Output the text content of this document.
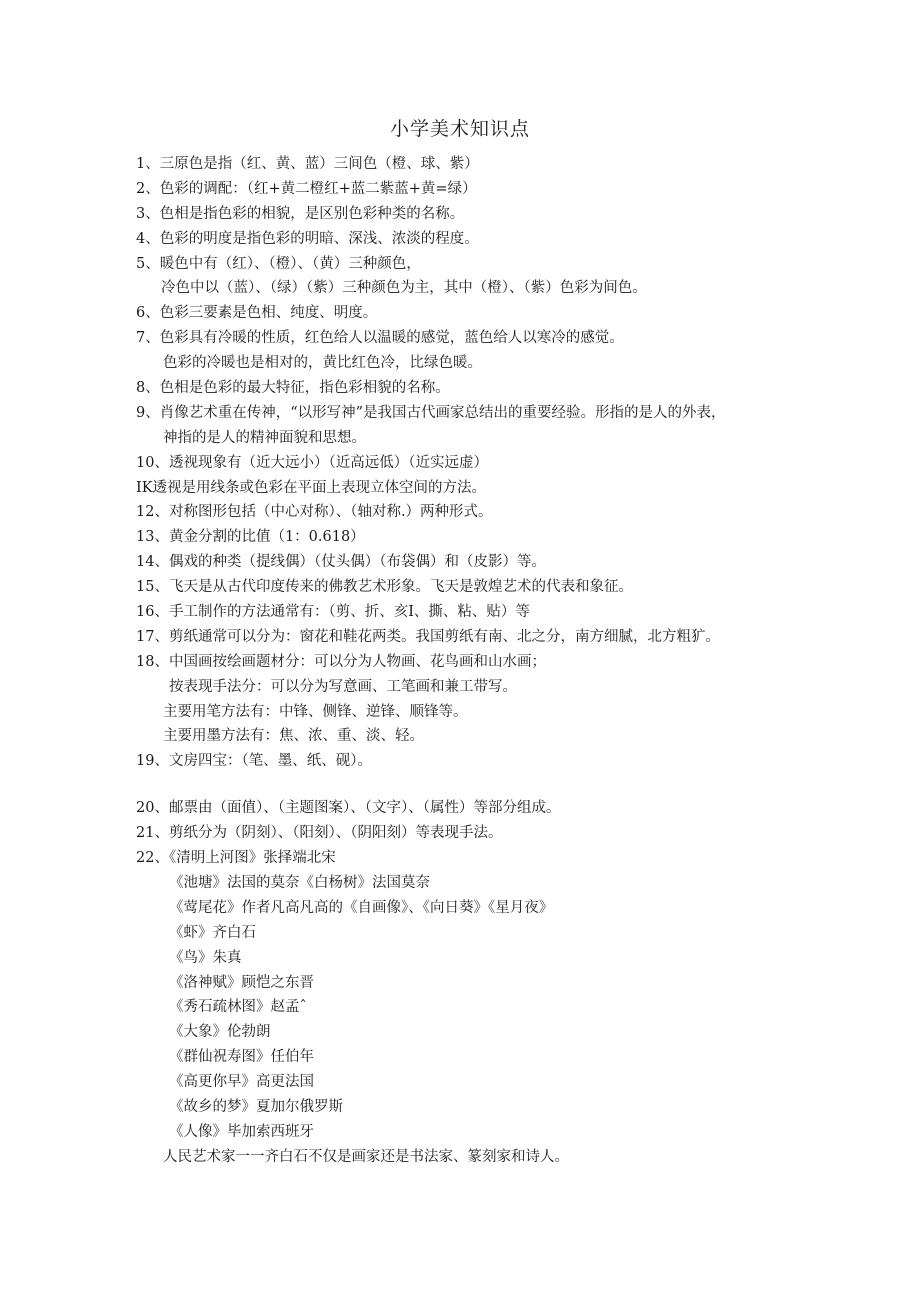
小学美术知识点
1、三原色是指（红、黄、蓝）三间色（橙、球、紫）
2、色彩的调配：（红+黄二橙红+蓝二紫蓝+黄=绿）
3、色相是指色彩的相貌，是区别色彩种类的名称。
4、色彩的明度是指色彩的明暗、深浅、浓淡的程度。
5、暖色中有（红）、（橙）、（黄）三种颜色，
冷色中以（蓝）、（绿）（紫）三种颜色为主，其中（橙）、（紫）色彩为间色。
6、色彩三要素是色相、纯度、明度。
7、色彩具有冷暖的性质，红色给人以温暖的感觉，蓝色给人以寒冷的感觉。
色彩的冷暖也是相对的，黄比红色冷，比绿色暖。
8、色相是色彩的最大特征，指色彩相貌的名称。
9、肖像艺术重在传神，“以形写神”是我国古代画家总结出的重要经验。形指的是人的外表，
神指的是人的精神面貌和思想。
10、透视现象有（近大远小）（近高远低）（近实远虚）
IK透视是用线条或色彩在平面上表现立体空间的方法。
12、对称图形包括（中心对称）、（轴对称.）两种形式。
13、黄金分割的比值（1：0.618）
14、偶戏的种类（提线偶）（仗头偶）（布袋偶）和（皮影）等。
15、飞天是从古代印度传来的佛教艺术形象。飞天是敦煌艺术的代表和象征。
16、手工制作的方法通常有：（剪、折、亥I、撕、粘、贴）等
17、剪纸通常可以分为：窗花和鞋花两类。我国剪纸有南、北之分，南方细腻，北方粗犷。
18、中国画按绘画题材分：可以分为人物画、花鸟画和山水画；
按表现手法分：可以分为写意画、工笔画和兼工带写。
主要用笔方法有：中锋、侧锋、逆锋、顺锋等。
主要用墨方法有：焦、浓、重、淡、轻。
19、文房四宝：（笔、墨、纸、砚）。
20、邮票由（面值）、（主题图案）、（文字）、（属性）等部分组成。
21、剪纸分为（阴刻）、（阳刻）、（阴阳刻）等表现手法。
22、《清明上河图》张择端北宋
《池塘》法国的莫奈《白杨树》法国莫奈
《莺尾花》作者凡高凡高的《自画像》、《向日葵》《星月夜》
《虾》齐白石
《鸟》朱真
《洛神赋》顾恺之东晋
《秀石疏林图》赵孟ˆ
《大象》伦勃朗
《群仙祝寿图》任伯年
《高更你早》高更法国
《故乡的梦》夏加尔俄罗斯
《人像》毕加索西班牙
人民艺术家一一齐白石不仅是画家还是书法家、篆刻家和诗人。
